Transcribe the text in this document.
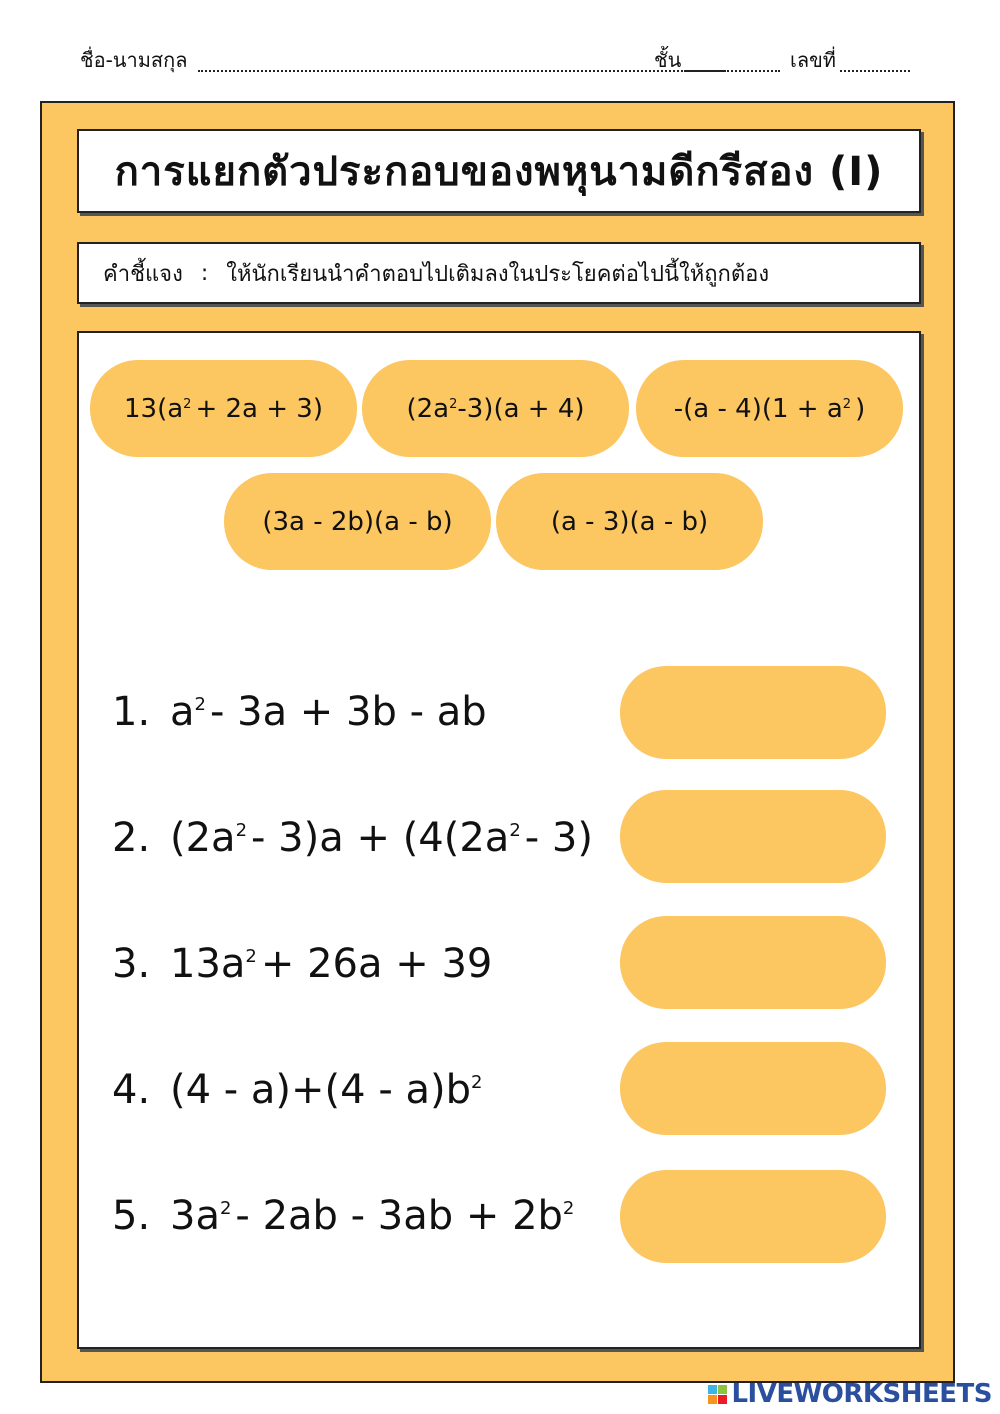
ชื่อ-นามสกุล	ชั้น	เลขที่
การแยกตัวประกอบของพหุนามดีกรีสอง (I)
คำชี้แจง : ให้นักเรียนนำคำตอบไปเติมลงในประโยคต่อไปนี้ให้ถูกต้อง
$13(a^2 + 2a + 3)$	($2a^2$ -3)(a + 4)	$-(a - 4)(1 + a^2$ )
(3a - 2b)(a - b)	(a - 3)(a - b)
1. $a^2 - 3a + 3b$ - ab
2. $(2a^2 - 3)a + (4(2a^2 - 3)$
3. $13a^2 + 26a + 39$
4. $(4 - a)+(4 - a)b^2$
5. $3a^2 - 2ab - 3ab + 2b^2$
LIVEWORKSHEETS
